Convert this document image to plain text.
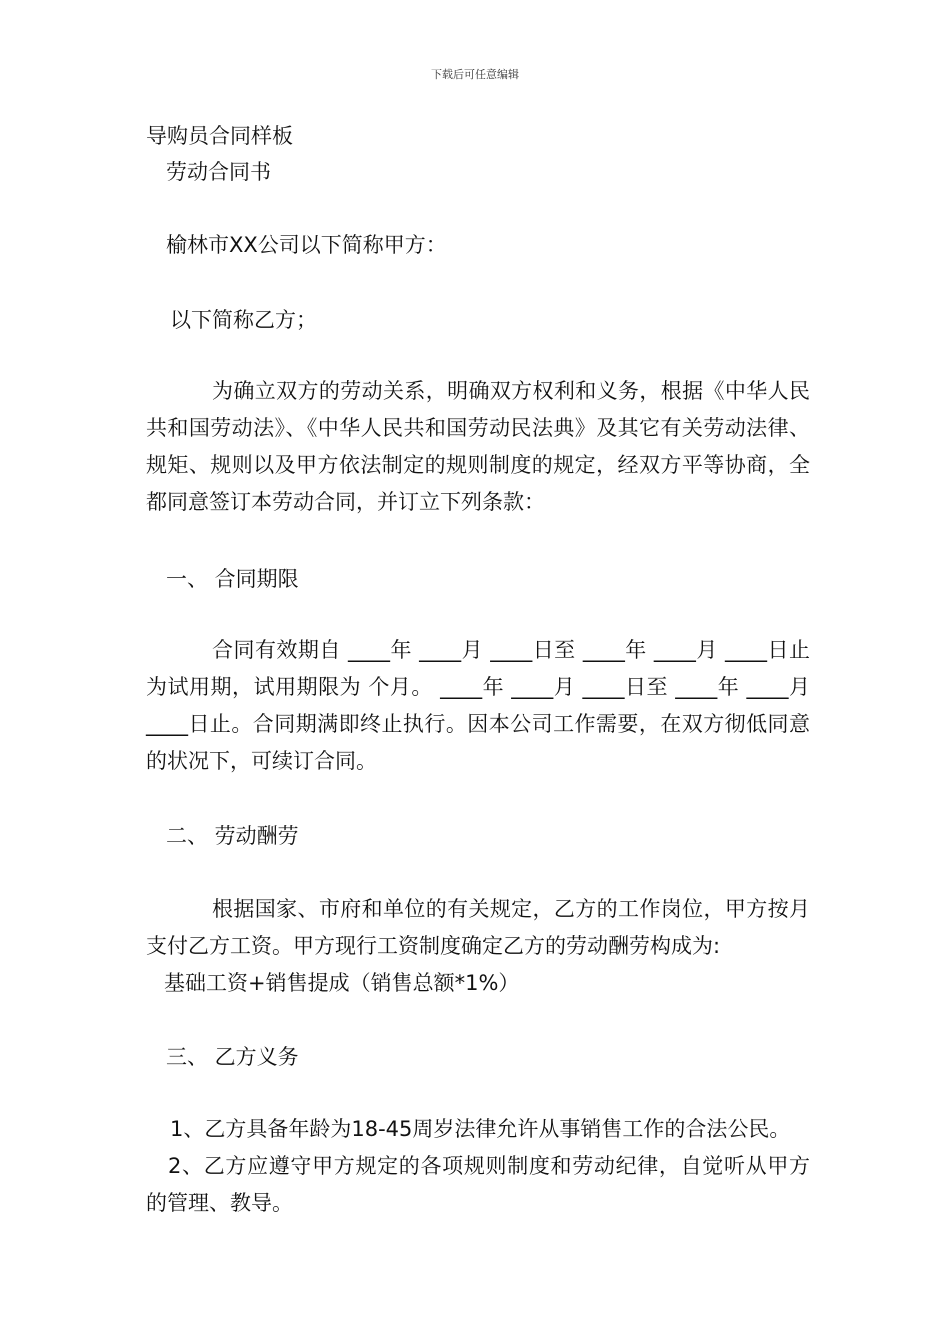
下载后可任意编辑
导购员合同样板
劳动合同书
榆林市XX公司以下简称甲方：
以下简称乙方；
为确立双方的劳动关系，明确双方权利和义务，根据《中华人民共和国劳动法》、《中华人民共和国劳动民法典》及其它有关劳动法律、规矩、规则以及甲方依法制定的规则制度的规定，经双方平等协商，全都同意签订本劳动合同，并订立下列条款：
一、 合同期限
合同有效期自 ____年 ____月 ____日至 ____年 ____月 ____日止为试用期，试用期限为 个月。 ____年 ____月 ____日至 ____年 ____月 ____日止。合同期满即终止执行。因本公司工作需要，在双方彻低同意的状况下，可续订合同。
二、 劳动酬劳
根据国家、市府和单位的有关规定，乙方的工作岗位，甲方按月支付乙方工资。甲方现行工资制度确定乙方的劳动酬劳构成为:
基础工资+销售提成（销售总额*1%）
三、 乙方义务
1、乙方具备年龄为18-45周岁法律允许从事销售工作的合法公民。
2、乙方应遵守甲方规定的各项规则制度和劳动纪律，自觉听从甲方的管理、教导。
